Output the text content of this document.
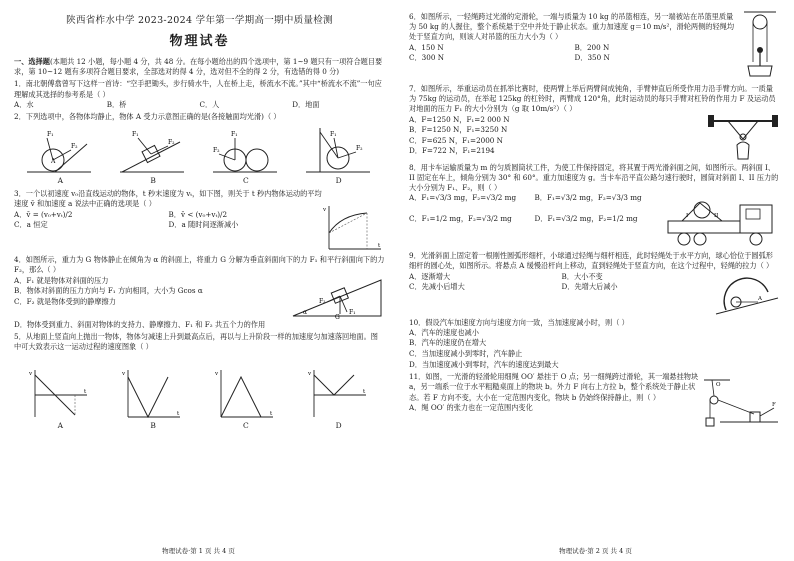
陕西省柞水中学 2023-2024 学年第一学期高一期中质量检测

物理试卷

一、选择题(本题共 12 小题，每小题 4 分，共 48 分。在每小题给出的四个选项中，第 1~9 题只有一项符合题目要求，第 10~12 题有多项符合题目要求，全部选对的得 4 分，选对但不全的得 2 分，有选错的得 0 分)

1．南北朝傅翕曾写下这样一首诗：“空手把锄头，步行骑水牛，人在桥上走，桥流水不流。”其中“桥流水不流”一句应理解成其选择的参考系是（ ）

A．水	B．桥	C．人	D．地面

2．下列选项中，各物体均静止，物体 A 受力示意图正确的是(各接触面均光滑)（ ）

F₁
F₂
A
A
F₁
F₂
B
F₁
F₂
C
F₁
F₂
D

3．一个以初速度 v₀沿直线运动的物体，t 秒末速度为 vₜ，如下图，则关于 t 秒内物体运动的平均速度 v̄ 和加速度 a 说法中正确的选项是（ ）

A．v̄ = (v₀+vₜ)/2	B．v̄ < (v₀+vₜ)/2
C．a 恒定	D．a 随时间逐渐减小
v
t

4．如图所示，重力为 G 物体静止在倾角为 α 的斜面上，将重力 G 分解为垂直斜面向下的力 F₁ 和平行斜面向下的力 F₂，那么（ ）

A．F₁ 就是物体对斜面的压力
B．物体对斜面的压力方向与 F₁ 方向相同，大小为 Gcos α
C．F₂ 就是物体受到的静摩擦力	F₂
F₁
G
α
D．物体受到重力、斜面对物体的支持力、静摩擦力、F₁ 和 F₂ 共五个力的作用

5．从地面上竖直向上抛出一物体，物体匀减速上升到最高点后，再以与上升阶段一样的加速度匀加速落回地面。图中可大致表示这一运动过程的速度图象（ ）

v
t
A
v
t
B
v
t
C
v
t
D
物理试卷·第 1 页 共 4 页

6．如图所示，一轻绳跨过光滑的定滑轮，一端与质量为 10 kg 的吊篮相连，另一端被站在吊篮里质量为 50 kg 的人握住，整个系统悬于空中并处于静止状态。重力加速度 g＝10 m/s²，滑轮两侧的轻绳均处于竖直方向，则该人对吊篮的压力大小为（ ）

A．150 N	B．200 N
C．300 N	D．350 N

7．如图所示，举重运动员在抓举比赛时，使两臂上举后两臂间成钝角，手臂伸直后所受作用力沿手臂方向。一质量为 75kg 的运动员，在举起 125kg 的杠铃时，两臂成 120°角，此时运动员的每只手臂对杠铃的作用力 F 及运动员对地面的压力 F₁ 的大小分别为（g 取 10m/s²）（ ）

A．F=1250 N，F₁=2 000 N
B．F=1250 N，F₁=3250 N
C．F=625 N，F₁=2000 N
D．F=722 N，F₁=2194

8．用卡车运输质量为 m 的匀质圆筒状工件，为使工件保持固定，将其置于两光滑斜面之间，如图所示。两斜面 I、II 固定在车上，倾角分别为 30° 和 60°。重力加速度为 g。当卡车沿平直公路匀速行驶时，圆筒对斜面 I、II 压力的大小分别为 F₁、F₂，则（ ）

A．F₁=√3/3 mg，F₂=√3/2 mg	B．F₁=√3/2 mg，F₂=√3/3 mg
C．F₁=1/2 mg，F₂=√3/2 mg	D．F₁=√3/2 mg，F₂=1/2 mg	I	II

9．光滑斜面上固定着一根刚性圆弧形细杆，小球通过轻绳与细杆相连，此时轻绳处于水平方向，球心恰位于圆弧形细杆的圆心处，如图所示。将悬点 A 缓慢沿杆向上移动，直到轻绳处于竖直方向，在这个过程中，轻绳的拉力（ ）

A．逐渐增大	B．大小不变
C．先减小后增大	D．先增大后减小
A

10．假设汽车加速度方向与速度方向一致，当加速度减小时，则（ ）

A．汽车的速度也减小
B．汽车的速度仍在增大
C．当加速度减小到零时，汽车静止
D．当加速度减小到零时，汽车的速度达到最大

11．如图，一光滑的轻滑轮用细绳 OO′ 悬挂于 O 点；另一细绳跨过滑轮，其一端悬挂物块 a，另一端系一位于水平粗糙桌面上的物块 b。外力 F 向右上方拉 b，整个系统处于静止状态。若 F 方向不变，大小在一定范围内变化，物块 b 仍始终保持静止，则（ ）

A．绳 OO′ 的张力也在一定范围内变化
O
F
物理试卷·第 2 页 共 4 页
